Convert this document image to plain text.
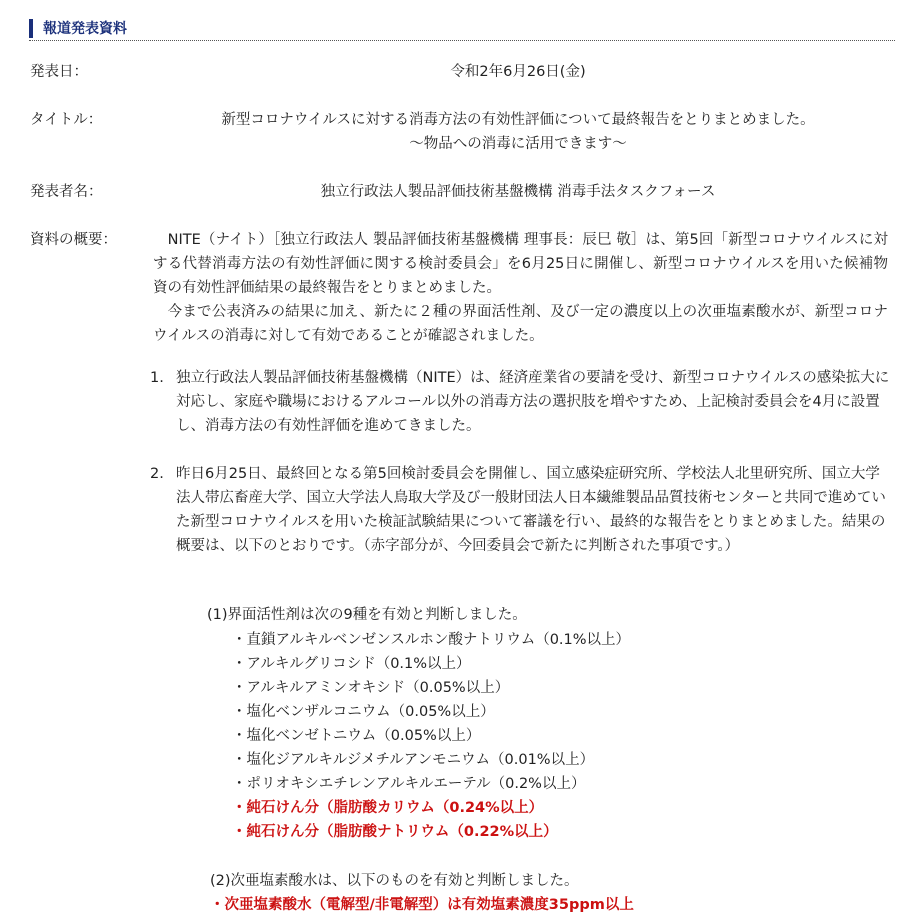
報道発表資料
発表日：	令和2年6月26日(金)
タイトル：	新型コロナウイルスに対する消毒方法の有効性評価について最終報告をとりまとめました。
〜物品への消毒に活用できます〜
発表者名：	独立行政法人製品評価技術基盤機構 消毒手法タスクフォース
資料の概要： 　NITE（ナイト）［独立行政法人 製品評価技術基盤機構 理事長：辰巳 敬］は、第5回「新型コロナウイルスに対する代替消毒方法の有効性評価に関する検討委員会」を6月25日に開催し、新型コロナウイルスを用いた候補物資の有効性評価結果の最終報告をとりまとめました。
　今まで公表済みの結果に加え、新たに２種の界面活性剤、及び一定の濃度以上の次亜塩素酸水が、新型コロナウイルスの消毒に対して有効であることが確認されました。
1. 独立行政法人製品評価技術基盤機構（NITE）は、経済産業省の要請を受け、新型コロナウイルスの感染拡大に対応し、家庭や職場におけるアルコール以外の消毒方法の選択肢を増やすため、上記検討委員会を4月に設置し、消毒方法の有効性評価を進めてきました。
2. 昨日6月25日、最終回となる第5回検討委員会を開催し、国立感染症研究所、学校法人北里研究所、国立大学法人帯広畜産大学、国立大学法人鳥取大学及び一般財団法人日本繊維製品品質技術センターと共同で進めていた新型コロナウイルスを用いた検証試験結果について審議を行い、最終的な報告をとりまとめました。結果の概要は、以下のとおりです。（赤字部分が、今回委員会で新たに判断された事項です。）
(1)界面活性剤は次の9種を有効と判断しました。
・直鎖アルキルベンゼンスルホン酸ナトリウム（0.1%以上）
・アルキルグリコシド（0.1%以上）
・アルキルアミンオキシド（0.05%以上）
・塩化ベンザルコニウム（0.05%以上）
・塩化ベンゼトニウム（0.05%以上）
・塩化ジアルキルジメチルアンモニウム（0.01%以上）
・ポリオキシエチレンアルキルエーテル（0.2%以上）
・純石けん分（脂肪酸カリウム（0.24%以上）
・純石けん分（脂肪酸ナトリウム（0.22%以上）
(2)次亜塩素酸水は、以下のものを有効と判断しました。
・次亜塩素酸水（電解型/非電解型）は有効塩素濃度35ppm以上
